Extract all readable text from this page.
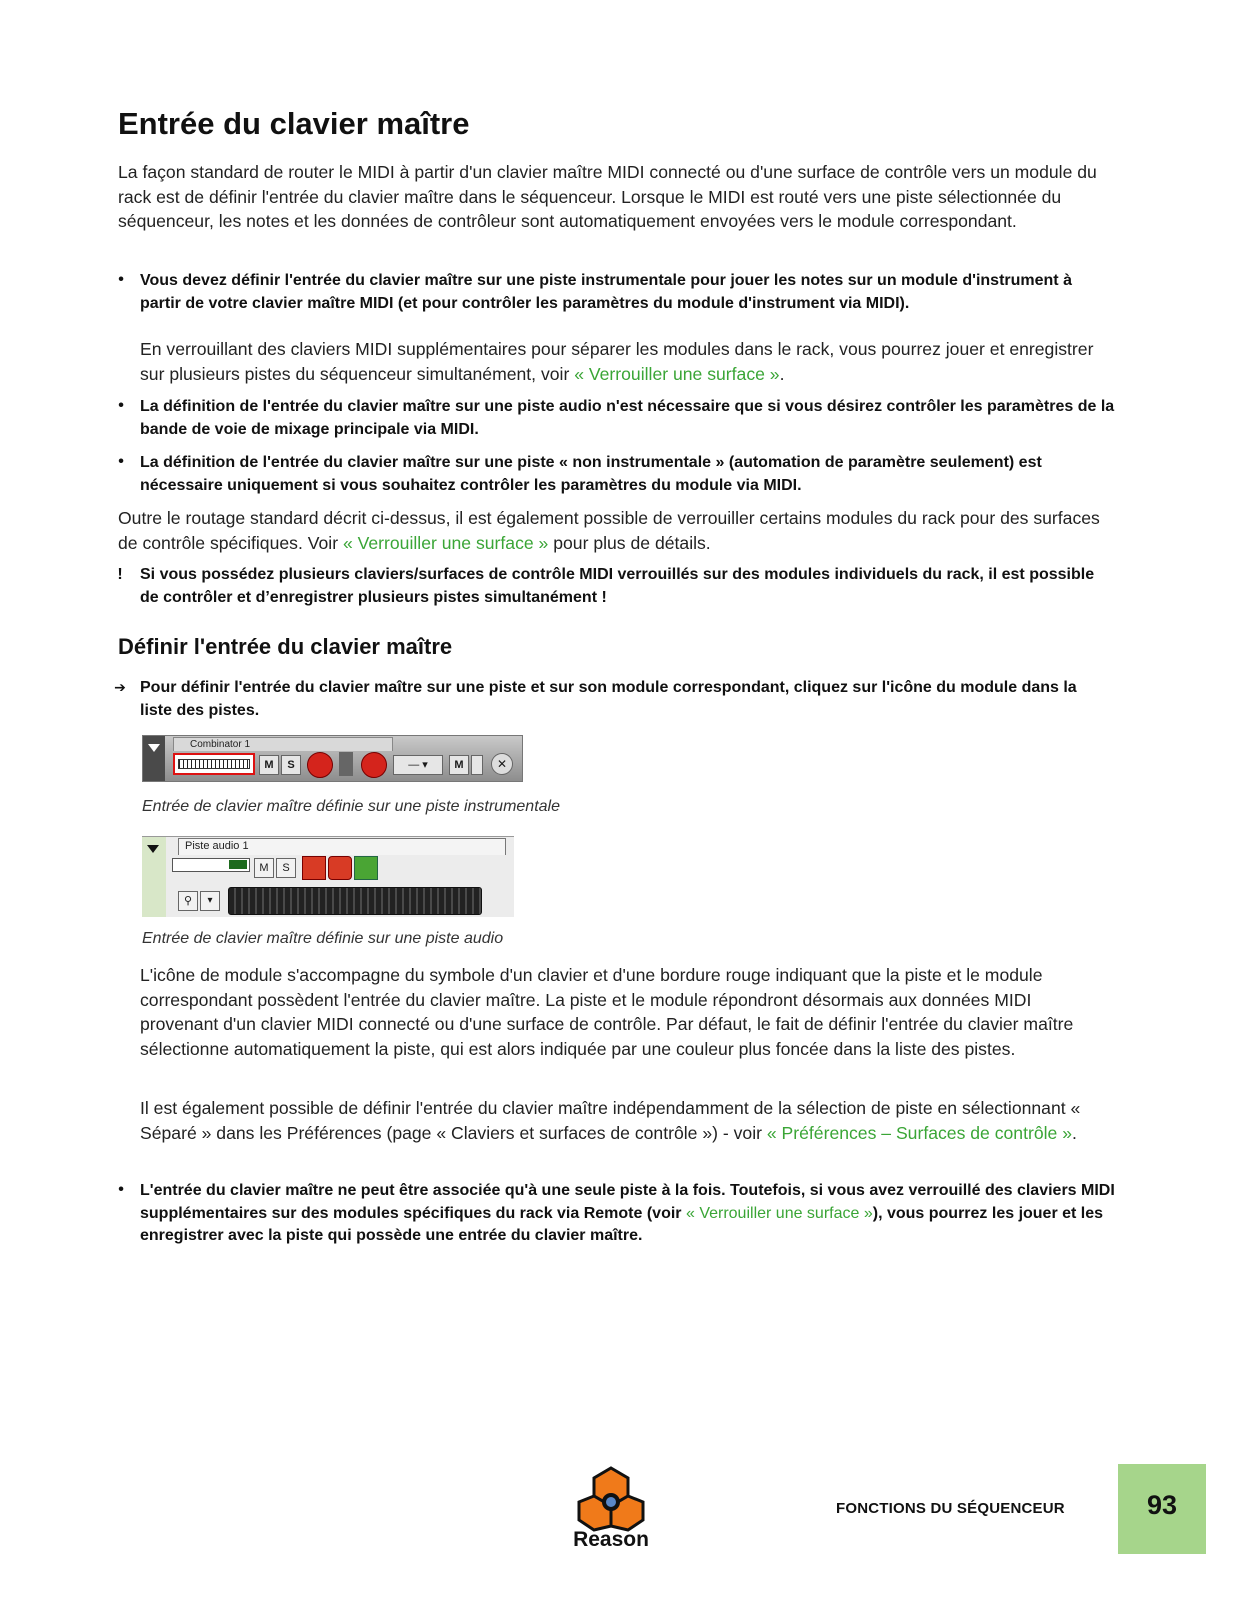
Entrée du clavier maître

La façon standard de router le MIDI à partir d'un clavier maître MIDI connecté ou d'une surface de contrôle vers un module du rack est de définir l'entrée du clavier maître dans le séquenceur. Lorsque le MIDI est routé vers une piste sélectionnée du séquenceur, les notes et les données de contrôleur sont automatiquement envoyées vers le module correspondant.

• Vous devez définir l'entrée du clavier maître sur une piste instrumentale pour jouer les notes sur un module d'instrument à partir de votre clavier maître MIDI (et pour contrôler les paramètres du module d'instrument via MIDI).

En verrouillant des claviers MIDI supplémentaires pour séparer les modules dans le rack, vous pourrez jouer et enregistrer sur plusieurs pistes du séquenceur simultanément, voir « Verrouiller une surface ».

• La définition de l'entrée du clavier maître sur une piste audio n'est nécessaire que si vous désirez contrôler les paramètres de la bande de voie de mixage principale via MIDI.

• La définition de l'entrée du clavier maître sur une piste « non instrumentale » (automation de paramètre seulement) est nécessaire uniquement si vous souhaitez contrôler les paramètres du module via MIDI.

Outre le routage standard décrit ci-dessus, il est également possible de verrouiller certains modules du rack pour des surfaces de contrôle spécifiques. Voir « Verrouiller une surface » pour plus de détails.

! Si vous possédez plusieurs claviers/surfaces de contrôle MIDI verrouillés sur des modules individuels du rack, il est possible de contrôler et d’enregistrer plusieurs pistes simultanément !

Définir l'entrée du clavier maître
➔ Pour définir l'entrée du clavier maître sur une piste et sur son module correspondant, cliquez sur l'icône du module dans la liste des pistes.

Combinator 1
M	S	— ▾	M	✕
Entrée de clavier maître définie sur une piste instrumentale
Piste audio 1
M	S
⚲	▾
Entrée de clavier maître définie sur une piste audio

L'icône de module s'accompagne du symbole d'un clavier et d'une bordure rouge indiquant que la piste et le module correspondant possèdent l'entrée du clavier maître. La piste et le module répondront désormais aux données MIDI provenant d'un clavier MIDI connecté ou d'une surface de contrôle. Par défaut, le fait de définir l'entrée du clavier maître sélectionne automatiquement la piste, qui est alors indiquée par une couleur plus foncée dans la liste des pistes.

Il est également possible de définir l'entrée du clavier maître indépendamment de la sélection de piste en sélectionnant « Séparé » dans les Préférences (page « Claviers et surfaces de contrôle ») - voir « Préférences – Surfaces de contrôle ».

• L'entrée du clavier maître ne peut être associée qu'à une seule piste à la fois. Toutefois, si vous avez verrouillé des claviers MIDI supplémentaires sur des modules spécifiques du rack via Remote (voir « Verrouiller une surface »), vous pourrez les jouer et les enregistrer avec la piste qui possède une entrée du clavier maître.

Reason
FONCTIONS DU SÉQUENCEUR	93
